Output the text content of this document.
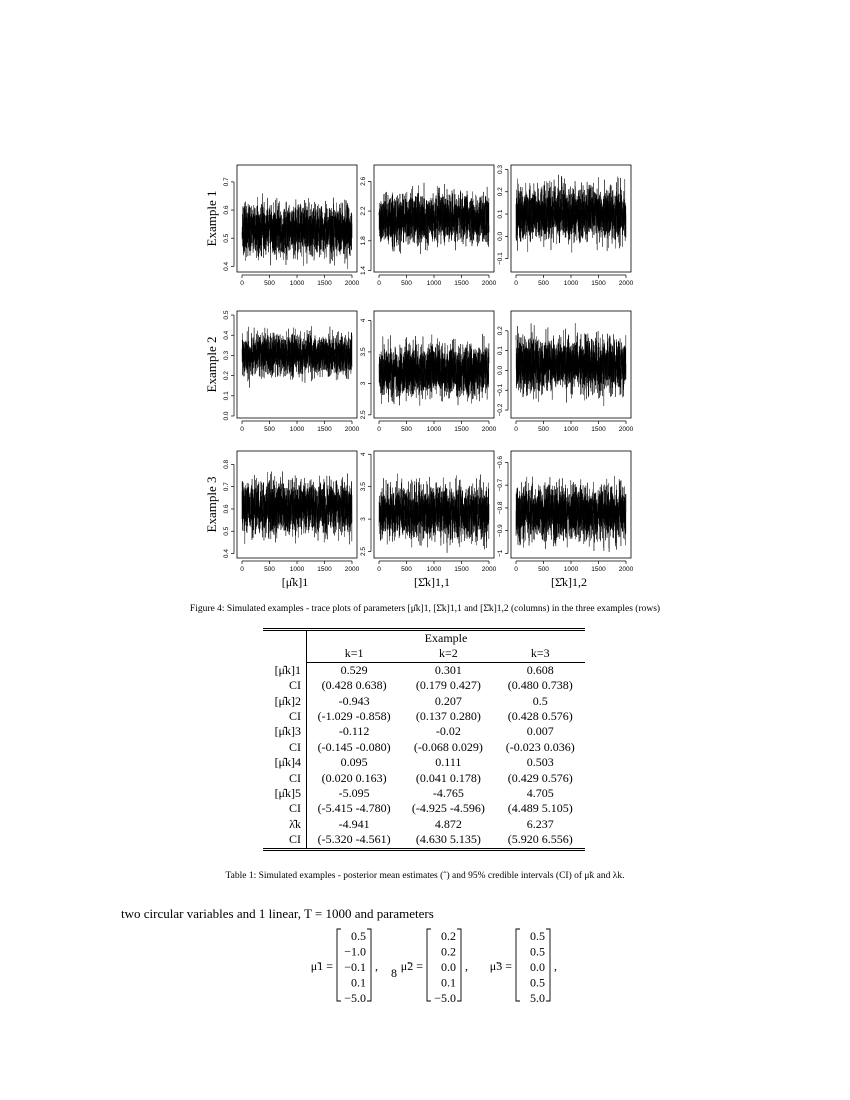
0	500 1000 1500 2000
0.4
0.5
0.6
0.7
Example 1
0	500 1000 1500 2000
1.4
1.8
2.2
2.6
0	500 1000 1500 2000
−0.1
0.0
0.1
0.2
0.3
0	500 1000 1500 2000
0.0
0.1
0.2
0.3
0.4
0.5
Example 2
0	500 1000 1500 2000
2.5
3
3.5
4
0	500 1000 1500 2000
−0.2
−0.1
0.0
0.1
0.2
0	500 1000 1500 2000
0.4
0.5
0.6
0.7
0.8
Example 3
0	500 1000 1500 2000
2.5
3
3.5
4
0	500 1000 1500 2000
−1
−0.9
−0.8
−0.7
−0.6
[μ̂k]1	[Σ̂k]1,1	[Σ̂k]1,2
Figure 4: Simulated examples - trace plots of parameters [μ̂k]1, [Σ̂k]1,1 and [Σ̂k]1,2 (columns) in the three examples (rows)
	Example		
	k=1	k=2	k=3
[μ̂k]1	0.529	0.301	0.608
CI	(0.428 0.638)	(0.179 0.427)	(0.480 0.738)
[μ̂k]2	-0.943	0.207	0.5
CI	(-1.029 -0.858)	(0.137 0.280)	(0.428 0.576)
[μ̂k]3	-0.112	-0.02	0.007
CI	(-0.145 -0.080)	(-0.068 0.029)	(-0.023 0.036)
[μ̂k]4	0.095	0.111	0.503
CI	(0.020 0.163)	(0.041 0.178)	(0.429 0.576)
[μ̂k]5	-5.095	-4.765	4.705
CI	(-5.415 -4.780)	(-4.925 -4.596)	(4.489 5.105)
λ̂k	-4.941	4.872	6.237
CI	(-5.320 -4.561)	(4.630 5.135)	(5.920 6.556)
Table 1: Simulated examples - posterior mean estimates (ˆ) and 95% credible intervals (CI) of μ̃k and λk.
two circular variables and 1 linear, T = 1000 and parameters
μ̃1 =
0.5
−1.0
−0.1
0.1
−5.0
, μ̃2 =
0.2
0.2
0.0
0.1
−5.0
, μ̃3 =
0.5
0.5
0.0
0.5
5.0
,
8
